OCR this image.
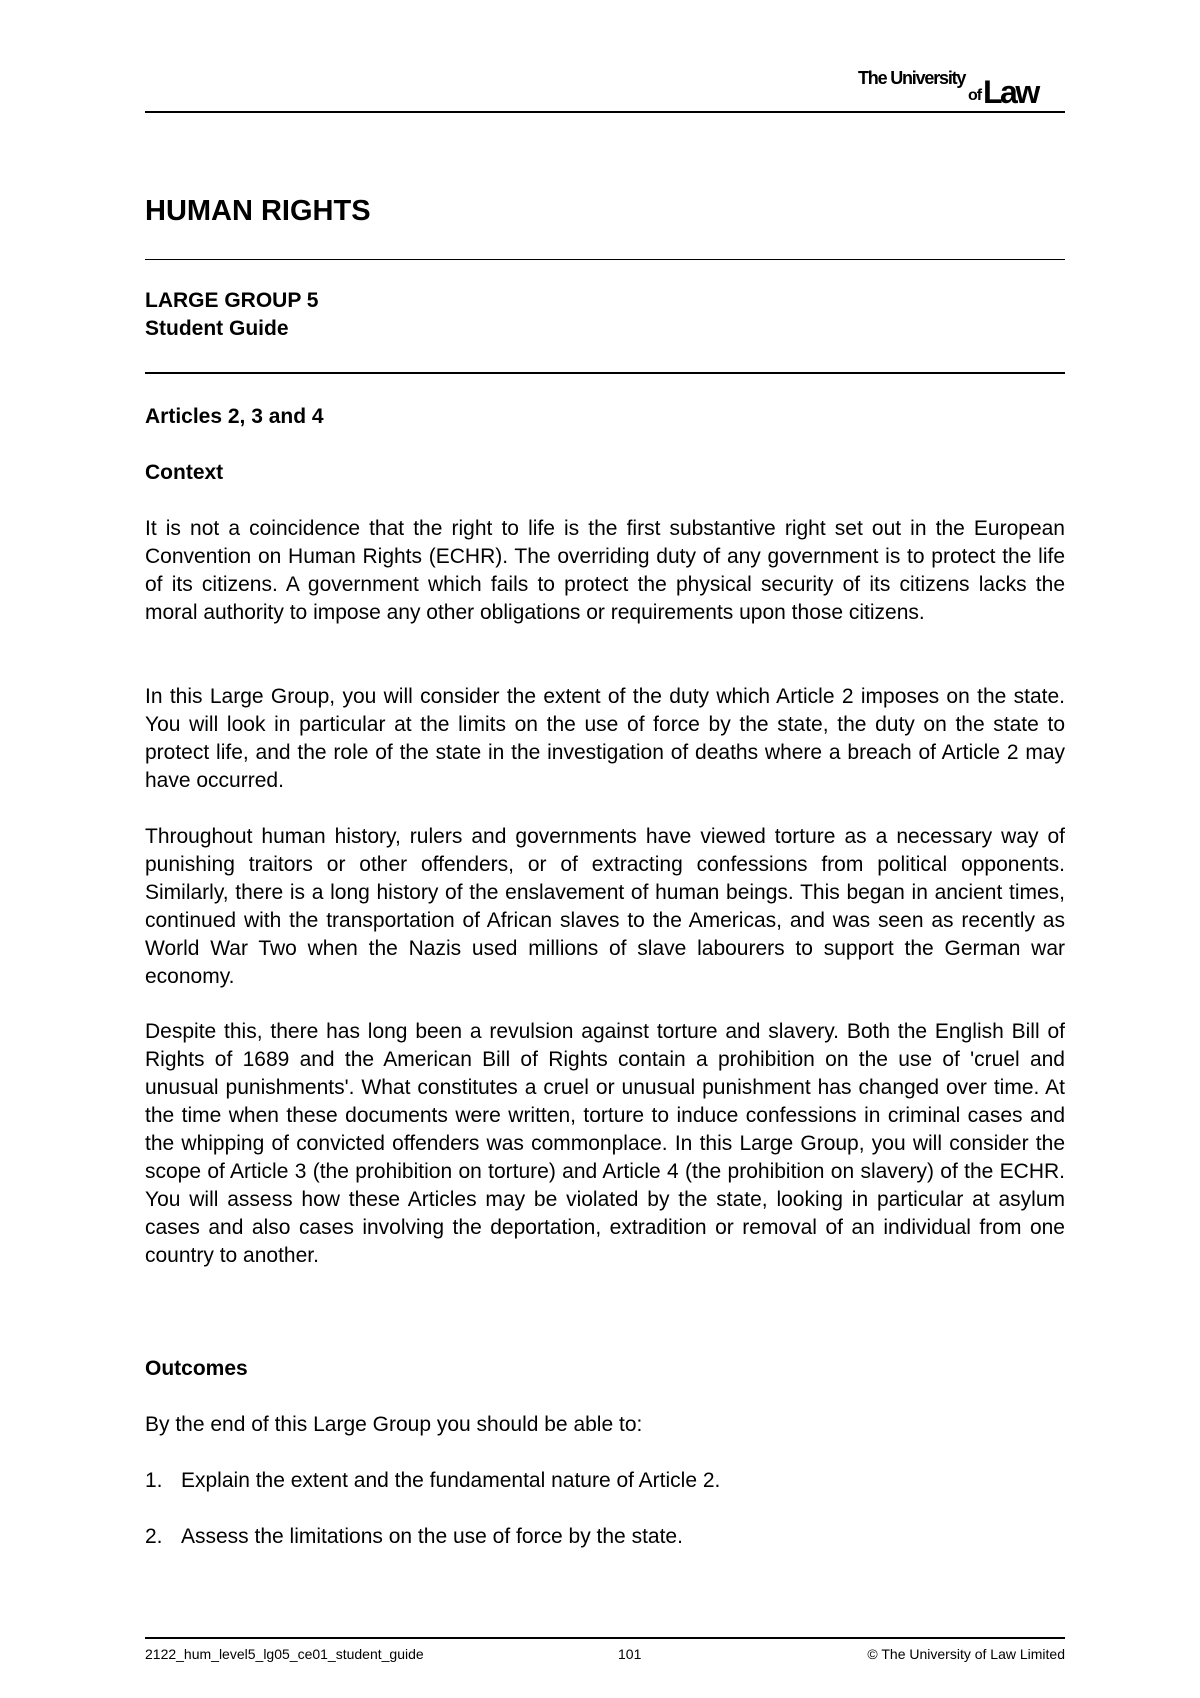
The University
of Law
HUMAN RIGHTS

LARGE GROUP 5

Student Guide

Articles 2, 3 and 4

Context

It is not a coincidence that the right to life is the first substantive right set out in the European Convention on Human Rights (ECHR). The overriding duty of any government is to protect the life of its citizens. A government which fails to protect the physical security of its citizens lacks the moral authority to impose any other obligations or requirements upon those citizens.

In this Large Group, you will consider the extent of the duty which Article 2 imposes on the state. You will look in particular at the limits on the use of force by the state, the duty on the state to protect life, and the role of the state in the investigation of deaths where a breach of Article 2 may have occurred.

Throughout human history, rulers and governments have viewed torture as a necessary way of punishing traitors or other offenders, or of extracting confessions from political opponents. Similarly, there is a long history of the enslavement of human beings. This began in ancient times, continued with the transportation of African slaves to the Americas, and was seen as recently as World War Two when the Nazis used millions of slave labourers to support the German war economy.

Despite this, there has long been a revulsion against torture and slavery. Both the English Bill of Rights of 1689 and the American Bill of Rights contain a prohibition on the use of 'cruel and unusual punishments'. What constitutes a cruel or unusual punishment has changed over time. At the time when these documents were written, torture to induce confessions in criminal cases and the whipping of convicted offenders was commonplace. In this Large Group, you will consider the scope of Article 3 (the prohibition on torture) and Article 4 (the prohibition on slavery) of the ECHR. You will assess how these Articles may be violated by the state, looking in particular at asylum cases and also cases involving the deportation, extradition or removal of an individual from one country to another.

Outcomes

By the end of this Large Group you should be able to:

1. Explain the extent and the fundamental nature of Article 2.

2. Assess the limitations on the use of force by the state.

2122_hum_level5_lg05_ce01_student_guide	101	© The University of Law Limited
